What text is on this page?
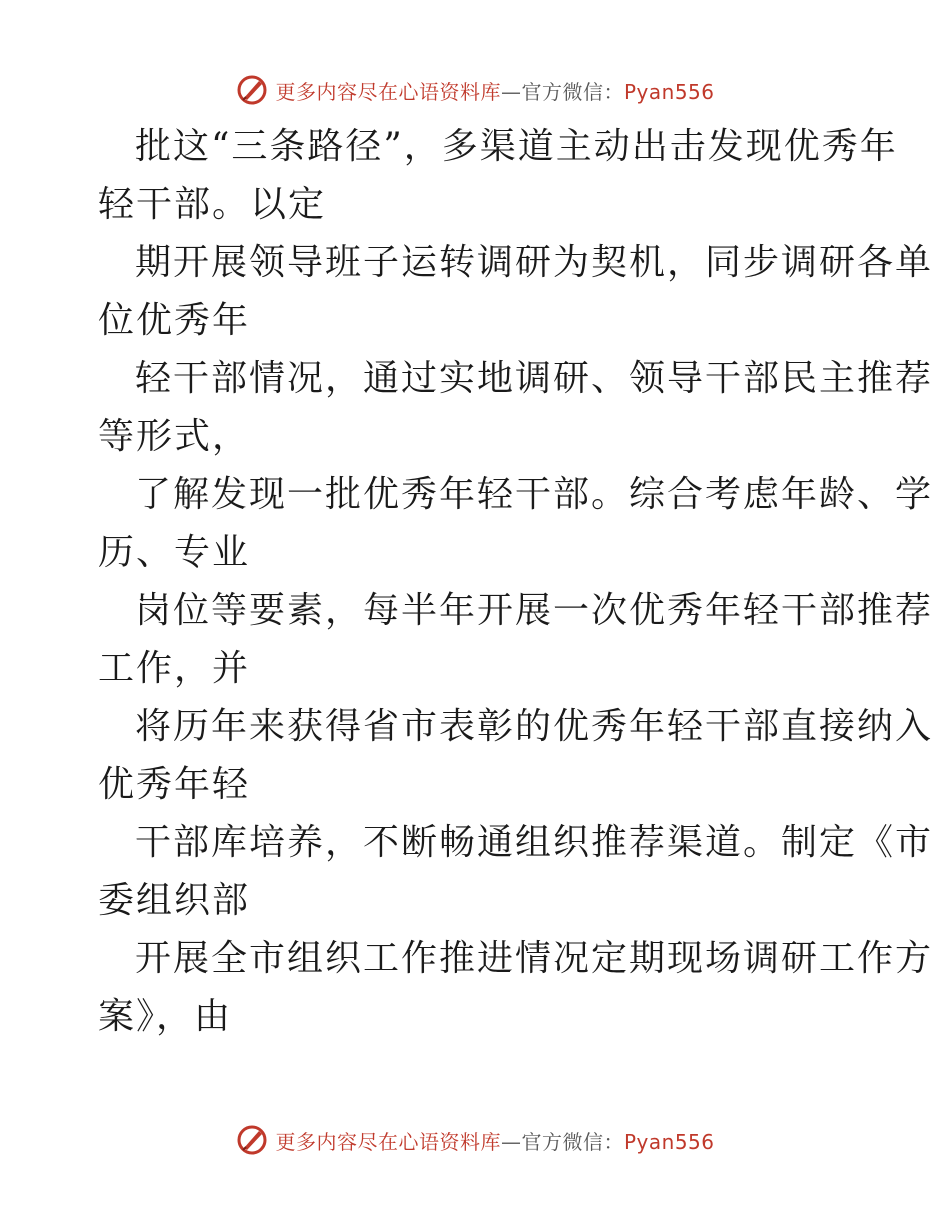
更多内容尽在心语资料库—官方微信：Pyan556

批这“三条路径”，多渠道主动出击发现优秀年
轻干部。以定

期开展领导班子运转调研为契机，同步调研各单
位优秀年

轻干部情况，通过实地调研、领导干部民主推荐
等形式，

了解发现一批优秀年轻干部。综合考虑年龄、学
历、专业

岗位等要素，每半年开展一次优秀年轻干部推荐
工作，并

将历年来获得省市表彰的优秀年轻干部直接纳入
优秀年轻

干部库培养，不断畅通组织推荐渠道。制定《市
委组织部

开展全市组织工作推进情况定期现场调研工作方
案》，由

更多内容尽在心语资料库—官方微信：Pyan556
